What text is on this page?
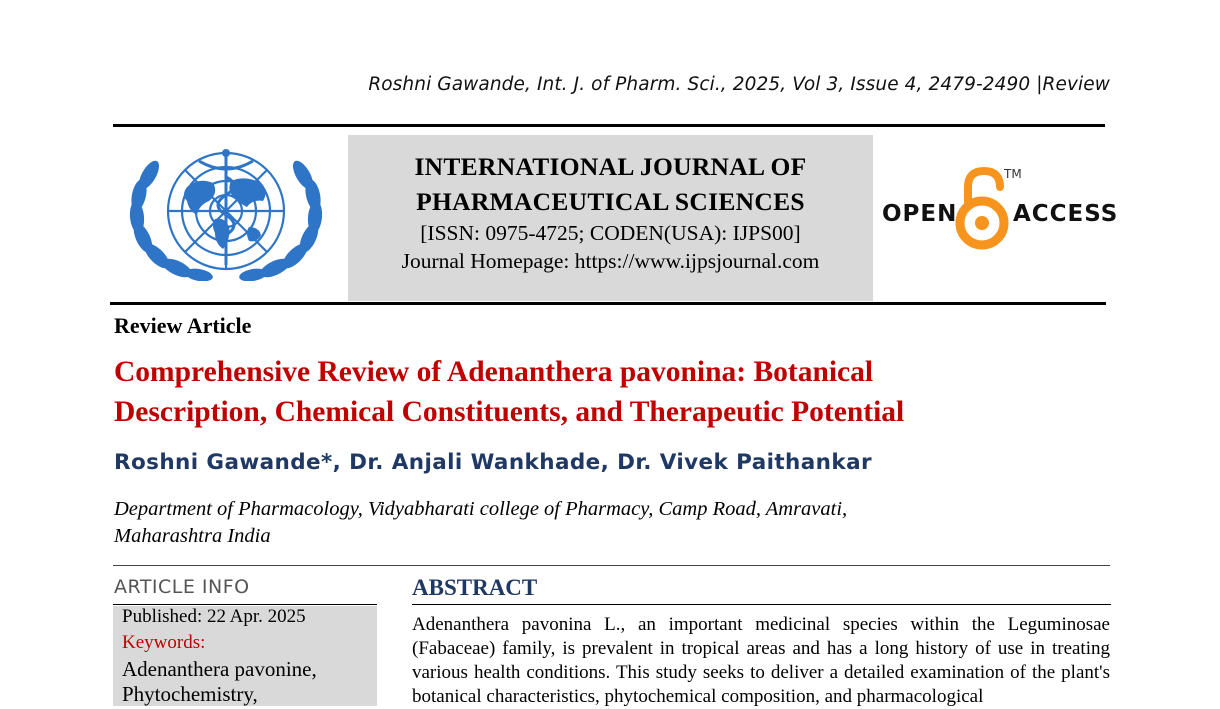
Roshni Gawande, Int. J. of Pharm. Sci., 2025, Vol 3, Issue 4, 2479-2490 |Review
INTERNATIONAL JOURNAL OF
PHARMACEUTICAL SCIENCES
[ISSN: 0975-4725; CODEN(USA): IJPS00]
Journal Homepage: https://www.ijpsjournal.com
OPEN
TM
ACCESS
Review Article
Comprehensive Review of Adenanthera pavonina: Botanical
Description, Chemical Constituents, and Therapeutic Potential
Roshni Gawande*, Dr. Anjali Wankhade, Dr. Vivek Paithankar
Department of Pharmacology, Vidyabharati college of Pharmacy, Camp Road, Amravati,
Maharashtra India
ARTICLE INFO
Published: 22 Apr. 2025
Keywords:
Adenanthera pavonine,
Phytochemistry,
ABSTRACT
Adenanthera pavonina L., an important medicinal species within the Leguminosae (Fabaceae) family, is prevalent in tropical areas and has a long history of use in treating various health conditions. This study seeks to deliver a detailed examination of the plant's botanical characteristics, phytochemical composition, and pharmacological
